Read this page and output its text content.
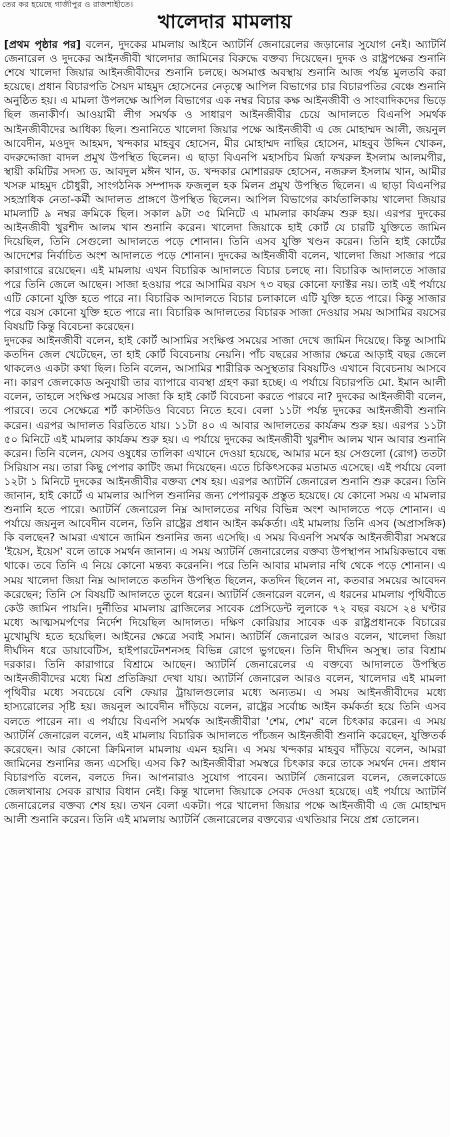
তের কর হয়েছে গাজীপুর ও রাজশাহীতে।
খালেদার মামলায়

[প্রথম পৃষ্ঠার পর] বলেন, দুদকের মামলায় আইনে অ্যাটর্নি জেনারেলের জড়ানোর সুযোগ নেই। অ্যাটর্নি জেনারেল ও দুদকের আইনজীবী খালেদার জামিনের বিরুদ্ধে বক্তব্য দিয়েছেন। দুদক ও রাষ্ট্রপক্ষের শুনানি শেষে খালেদা জিয়ার আইনজীবীদের শুনানি চলছে। অসমাপ্ত অবস্থায় শুনানি আজ পর্যন্ত মুলতবি করা হয়েছে। প্রধান বিচারপতি সৈয়দ মাহমুদ হোসেনের নেতৃত্বে আপিল বিভাগের চার বিচারপতির বেঞ্চে শুনানি অনুষ্ঠিত হয়। এ মামলা উপলক্ষে আপিল বিভাগের এক নম্বর বিচার কক্ষ আইনজীবী ও সাংবাদিকদের ভিড়ে ছিল জনাকীর্ণ। আওয়ামী লীগ সমর্থক ও সাধারণ আইনজীবীর চেয়ে আদালতে বিএনপি সমর্থক আইনজীবীদের আধিক্য ছিল। শুনানিতে খালেদা জিয়ার পক্ষে আইনজীবী এ জে মোহাম্মদ আলী, জয়নুল আবেদীন, মওদুদ আহমদ, খন্দকার মাহবুব হোসেন, মীর মোহাম্মদ নাছির হোসেন, মাহবুব উদ্দিন খোকন, বদরুদ্দোজা বাদল প্রমুখ উপস্থিত ছিলেন। এ ছাড়া বিএনপি মহাসচিব মির্জা ফখরুল ইসলাম আলমগীর, স্থায়ী কমিটির সদস্য ড. আবদুল মঈন খান, ড. খন্দকার মোশাররফ হোসেন, নজরুল ইসলাম খান, আমীর খসরু মাহমুদ চৌধুরী, সাংগঠনিক সম্পাদক ফজলুল হক মিলন প্রমুখ উপস্থিত ছিলেন। এ ছাড়া বিএনপির সহস্রাধিক নেতা-কর্মী আদালত প্রাঙ্গণে উপস্থিত ছিলেন। আপিল বিভাগের কার্যতালিকায় খালেদা জিয়ার মামলাটি ৯ নম্বর ক্রমিকে ছিল। সকাল ৯টা ৩৫ মিনিটে এ মামলার কার্যক্রম শুরু হয়। এরপর দুদকের আইনজীবী খুরশীদ আলম খান শুনানি করেন। খালেদা জিয়াকে হাই কোর্ট যে চারটি যুক্তিতে জামিন দিয়েছিল, তিনি সেগুলো আদালতে পড়ে শোনান। তিনি এসব যুক্তি খণ্ডন করেন। তিনি হাই কোর্টের আদেশের নির্বাচিত অংশ আদালতে পড়ে শোনান। দুদকের আইনজীবী বলেন, খালেদা জিয়া সাজার পরে কারাগারে রয়েছেন। এই মামলায় এখন বিচারিক আদালতে বিচার চলছে না। বিচারিক আদালতে সাজার পরে তিনি জেলে আছেন। সাজা হওয়ার পরে আসামির বয়স ৭৩ বছর কোনো ফ্যাক্টর নয়। তাই এই পর্যায়ে এটি কোনো যুক্তি হতে পারে না। বিচারিক আদালতে বিচার চলাকালে এটি যুক্তি হতে পারে। কিন্তু সাজার পরে বয়স কোনো যুক্তি হতে পারে না। বিচারিক আদালতের বিচারক সাজা দেওয়ার সময় আসামির বয়সের বিষয়টি কিন্তু বিবেচনা করেছেন।

দুদকের আইনজীবী বলেন, হাই কোর্ট আসামির সংক্ষিপ্ত সময়ের সাজা দেখে জামিন দিয়েছে। কিন্তু আসামি কতদিন জেল খেটেছেন, তা হাই কোর্ট বিবেচনায় নেয়নি। পাঁচ বছরের সাজার ক্ষেত্রে আড়াই বছর জেলে থাকলেও একটা কথা ছিল। তিনি বলেন, আসামির শারীরিক অসুস্থতার বিষয়টিও এখানে বিবেচনায় আসবে না। কারণ জেলকোড অনুযায়ী তার ব্যাপারে ব্যবস্থা গ্রহণ করা হচ্ছে। এ পর্যায়ে বিচারপতি মো. ইমান আলী বলেন, তাহলে সংক্ষিপ্ত সময়ের সাজা কি হাই কোর্ট বিবেচনা করতে পারবে না? দুদকের আইনজীবী বলেন, পারবে। তবে সেক্ষেত্রে শর্ট কাস্টডিও বিবেচ্য নিতে হবে। বেলা ১১টা পর্যন্ত দুদকের আইনজীবী শুনানি করেন। এরপর আদালত বিরতিতে যায়। ১১টা ৪০ এ আবার আদালতের কার্যক্রম শুরু হয়। এরপর ১১টা ৫০ মিনিটে এই মামলার কার্যক্রম শুরু হয়। এ পর্যায়ে দুদকের আইনজীবী খুরশীদ আলম খান আবার শুনানি করেন। তিনি বলেন, যেসব ওষুধের তালিকা এখানে দেওয়া হয়েছে, আমার মনে হয় সেগুলো (রোগ) ততটা সিরিয়াস নয়। তারা কিছু পেপার কাটিং জমা দিয়েছেন। এতে চিকিৎসকের মতামত এসেছে। এই পর্যায়ে বেলা ১২টা ১ মিনিটে দুদকের আইনজীবীর বক্তব্য শেষ হয়। এরপর অ্যাটর্নি জেনারেল শুনানি শুরু করেন। তিনি জানান, হাই কোর্টে এ মামলার আপিল শুনানির জন্য পেপারবুক প্রস্তুত হয়েছে। যে কোনো সময় এ মামলার শুনানি হতে পারে। অ্যাটর্নি জেনারেল নিম্ন আদালতের নথির বিভিন্ন অংশ আদালতে পড়ে শোনান। এ পর্যায়ে জয়নুল আবেদীন বলেন, তিনি রাষ্ট্রের প্রধান আইন কর্মকর্তা। এই মামলায় তিনি এসব (অপ্রাসঙ্গিক) কি বলছেন? আমরা এখানে জামিন শুনানির জন্য এসেছি। এ সময় বিএনপি সমর্থক আইনজীবীরা সমস্বরে 'ইয়েস, ইয়েস' বলে তাকে সমর্থন জানান। এ সময় অ্যাটর্নি জেনারেলের বক্তব্য উপস্থাপন সাময়িকভাবে বন্ধ থাকে। তবে তিনি এ নিয়ে কোনো মন্তব্য করেননি। পরে তিনি আবার মামলার নথি থেকে পড়ে শোনান। এ সময় খালেদা জিয়া নিম্ন আদালতে কতদিন উপস্থিত ছিলেন, কতদিন ছিলেন না, কতবার সময়ের আবেদন করেছেন; তিনি সে বিষয়টি আদালতে তুলে ধরেন। অ্যাটর্নি জেনারেল বলেন, এ ধরনের মামলায় পৃথিবীতে কেউ জামিন পায়নি। দুর্নীতির মামলায় ব্রাজিলের সাবেক প্রেসিডেন্ট লুলাকে ৭২ বছর বয়সে ২৪ ঘণ্টার মধ্যে আত্মসমর্পণের নির্দেশ দিয়েছিল আদালত। দক্ষিণ কোরিয়ার সাবেক এক রাষ্ট্রপ্রধানকে বিচারের মুখোমুখি হতে হয়েছিল। আইনের ক্ষেত্রে সবাই সমান। অ্যাটর্নি জেনারেল আরও বলেন, খালেদা জিয়া দীর্ঘদিন ধরে ডায়াবেটিস, হাইপারটেনশনসহ বিভিন্ন রোগে ভুগছেন। তিনি দীর্ঘদিন অসুস্থ। তার বিশ্রাম দরকার। তিনি কারাগারে বিশ্রামে আছেন। অ্যাটর্নি জেনারেলের এ বক্তব্যে আদালতে উপস্থিত আইনজীবীদের মধ্যে মিশ্র প্রতিক্রিয়া দেখা যায়। অ্যাটর্নি জেনারেল আরও বলেন, খালেদার এই মামলা পৃথিবীর মধ্যে সবচেয়ে বেশি ফেয়ার ট্রায়ালগুলোর মধ্যে অন্যতম। এ সময় আইনজীবীদের মধ্যে হাস্যরোলের সৃষ্টি হয়। জয়নুল আবেদীন দাঁড়িয়ে বলেন, রাষ্ট্রের সর্বোচ্চ আইন কর্মকর্তা হয়ে তিনি এসব বলতে পারেন না। এ পর্যায়ে বিএনপি সমর্থক আইনজীবীরা 'শেম, শেম' বলে চিৎকার করেন। এ সময় অ্যাটর্নি জেনারেল বলেন, এই মামলায় বিচারিক আদালতে পাঁচজন আইনজীবী শুনানি করেছেন, যুক্তিতর্ক করেছেন। আর কোনো ক্রিমিনাল মামলায় এমন হয়নি। এ সময় খন্দকার মাহবুব দাঁড়িয়ে বলেন, আমরা জামিনের শুনানির জন্য এসেছি। এসব কি? আইনজীবীরা সমস্বরে চিৎকার করে তাকে সমর্থন দেন। প্রধান বিচারপতি বলেন, বলতে দিন। আপনারাও সুযোগ পাবেন। অ্যাটর্নি জেনারেল বলেন, জেলকোডে জেলখানায় সেবক রাখার বিধান নেই। কিন্তু খালেদা জিয়াকে সেবক দেওয়া হয়েছে। এই পর্যায়ে অ্যাটর্নি জেনারেলের বক্তব্য শেষ হয়। তখন বেলা একটা। পরে খালেদা জিয়ার পক্ষে আইনজীবী এ জে মোহাম্মদ আলী শুনানি করেন। তিনি এই মামলায় অ্যাটর্নি জেনারেলের বক্তব্যের এখতিয়ার নিয়ে প্রশ্ন তোলেন।
